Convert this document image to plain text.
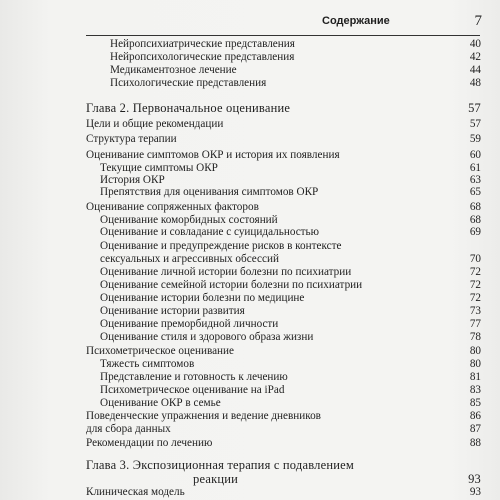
Содержание	7
Нейропсихиатрические представления	40
Нейропсихологические представления	42
Медикаментозное лечение	44
Психологические представления	48
Глава 2. Первоначальное оценивание	57
Цели и общие рекомендации	57
Структура терапии	59
Оценивание симптомов ОКР и история их появления	60
Текущие симптомы ОКР	61
История ОКР	63
Препятствия для оценивания симптомов ОКР	65
Оценивание сопряженных факторов	68
Оценивание коморбидных состояний	68
Оценивание и совладание с суицидальностью	69
Оценивание и предупреждение рисков в контексте
сексуальных и агрессивных обсессий	70
Оценивание личной истории болезни по психиатрии	72
Оценивание семейной истории болезни по психиатрии	72
Оценивание истории болезни по медицине	72
Оценивание истории развития	73
Оценивание преморбидной личности	77
Оценивание стиля и здорового образа жизни	78
Психометрическое оценивание	80
Тяжесть симптомов	80
Представление и готовность к лечению	81
Психометрическое оценивание на iPad	83
Оценивание ОКР в семье	85
Поведенческие упражнения и ведение дневников	86
для сбора данных	87
Рекомендации по лечению	88
Глава 3. Экспозиционная терапия с подавлением
реакции	93
Клиническая модель	93
